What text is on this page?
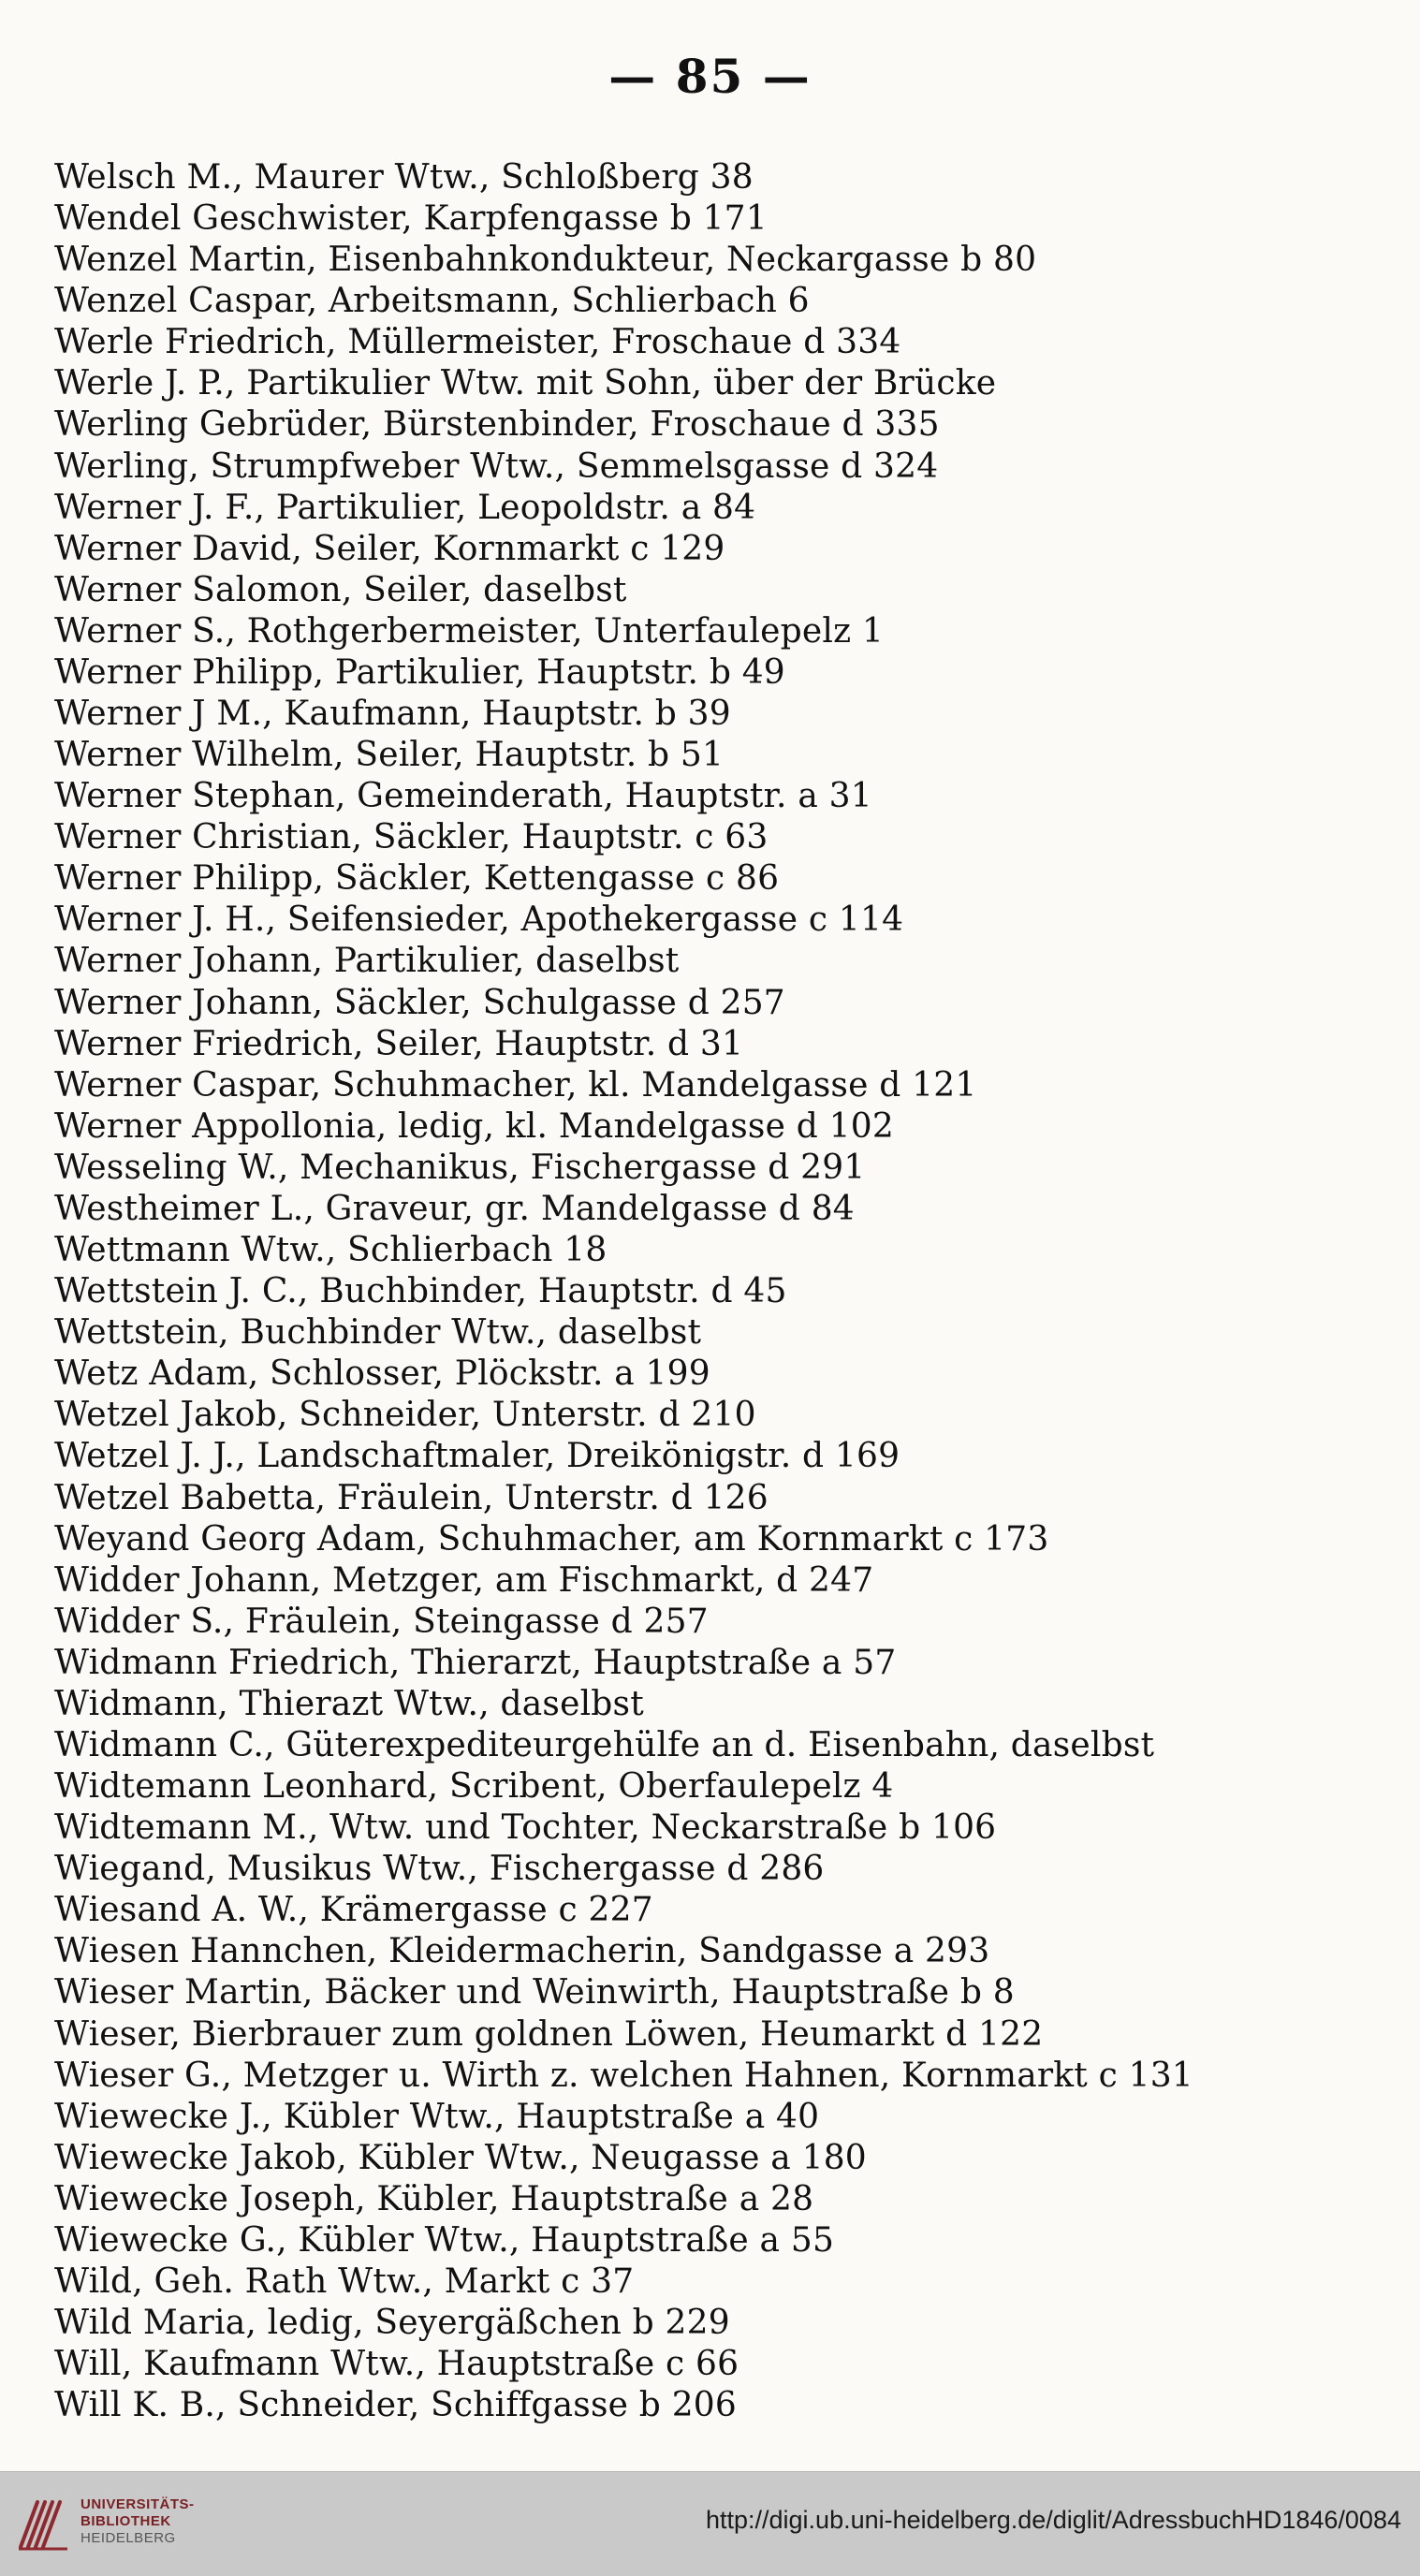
— 85 —
Welsch M., Maurer Wtw., Schloßberg 38
Wendel Geschwister, Karpfengasse b 171
Wenzel Martin, Eisenbahnkondukteur, Neckargasse b 80
Wenzel Caspar, Arbeitsmann, Schlierbach 6
Werle Friedrich, Müllermeister, Froschaue d 334
Werle J. P., Partikulier Wtw. mit Sohn, über der Brücke
Werling Gebrüder, Bürstenbinder, Froschaue d 335
Werling, Strumpfweber Wtw., Semmelsgasse d 324
Werner J. F., Partikulier, Leopoldstr. a 84
Werner David, Seiler, Kornmarkt c 129
Werner Salomon, Seiler, daselbst
Werner S., Rothgerbermeister, Unterfaulepelz 1
Werner Philipp, Partikulier, Hauptstr. b 49
Werner J M., Kaufmann, Hauptstr. b 39
Werner Wilhelm, Seiler, Hauptstr. b 51
Werner Stephan, Gemeinderath, Hauptstr. a 31
Werner Christian, Säckler, Hauptstr. c 63
Werner Philipp, Säckler, Kettengasse c 86
Werner J. H., Seifensieder, Apothekergasse c 114
Werner Johann, Partikulier, daselbst
Werner Johann, Säckler, Schulgasse d 257
Werner Friedrich, Seiler, Hauptstr. d 31
Werner Caspar, Schuhmacher, kl. Mandelgasse d 121
Werner Appollonia, ledig, kl. Mandelgasse d 102
Wesseling W., Mechanikus, Fischergasse d 291
Westheimer L., Graveur, gr. Mandelgasse d 84
Wettmann Wtw., Schlierbach 18
Wettstein J. C., Buchbinder, Hauptstr. d 45
Wettstein, Buchbinder Wtw., daselbst
Wetz Adam, Schlosser, Plöckstr. a 199
Wetzel Jakob, Schneider, Unterstr. d 210
Wetzel J. J., Landschaftmaler, Dreikönigstr. d 169
Wetzel Babetta, Fräulein, Unterstr. d 126
Weyand Georg Adam, Schuhmacher, am Kornmarkt c 173
Widder Johann, Metzger, am Fischmarkt, d 247
Widder S., Fräulein, Steingasse d 257
Widmann Friedrich, Thierarzt, Hauptstraße a 57
Widmann, Thierazt Wtw., daselbst
Widmann C., Güterexpediteurgehülfe an d. Eisenbahn, daselbst
Widtemann Leonhard, Scribent, Oberfaulepelz 4
Widtemann M., Wtw. und Tochter, Neckarstraße b 106
Wiegand, Musikus Wtw., Fischergasse d 286
Wiesand A. W., Krämergasse c 227
Wiesen Hannchen, Kleidermacherin, Sandgasse a 293
Wieser Martin, Bäcker und Weinwirth, Hauptstraße b 8
Wieser, Bierbrauer zum goldnen Löwen, Heumarkt d 122
Wieser G., Metzger u. Wirth z. welchen Hahnen, Kornmarkt c 131
Wiewecke J., Kübler Wtw., Hauptstraße a 40
Wiewecke Jakob, Kübler Wtw., Neugasse a 180
Wiewecke Joseph, Kübler, Hauptstraße a 28
Wiewecke G., Kübler Wtw., Hauptstraße a 55
Wild, Geh. Rath Wtw., Markt c 37
Wild Maria, ledig, Seyergäßchen b 229
Will, Kaufmann Wtw., Hauptstraße c 66
Will K. B., Schneider, Schiffgasse b 206
UNIVERSITÄTS-
BIBLIOTHEK
HEIDELBERG
http://digi.ub.uni-heidelberg.de/diglit/AdressbuchHD1846/0084
